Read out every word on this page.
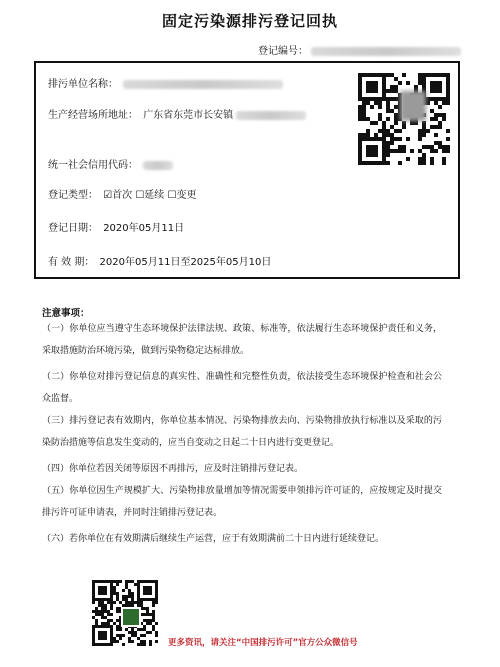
固定污染源排污登记回执
登记编号：
排污单位名称：
生产经营场所地址： 广东省东莞市长安镇
统一社会信用代码：
登记类型： ☑首次 ☐延续 ☐变更
登记日期： 2020年05月11日
有 效 期： 2020年05月11日至2025年05月10日
注意事项：
（一）你单位应当遵守生态环境保护法律法规、政策、标准等，依法履行生态环境保护责任和义务，采取措施防治环境污染，做到污染物稳定达标排放。
（二）你单位对排污登记信息的真实性、准确性和完整性负责，依法接受生态环境保护检查和社会公众监督。
（三）排污登记表有效期内，你单位基本情况、污染物排放去向、污染物排放执行标准以及采取的污染防治措施等信息发生变动的，应当自变动之日起二十日内进行变更登记。
（四）你单位若因关闭等原因不再排污，应及时注销排污登记表。
（五）你单位因生产规模扩大、污染物排放量增加等情况需要申领排污许可证的，应按规定及时提交排污许可证申请表，并同时注销排污登记表。
（六）若你单位在有效期满后继续生产运营，应于有效期满前二十日内进行延续登记。
更多资讯，请关注“中国排污许可”官方公众微信号
